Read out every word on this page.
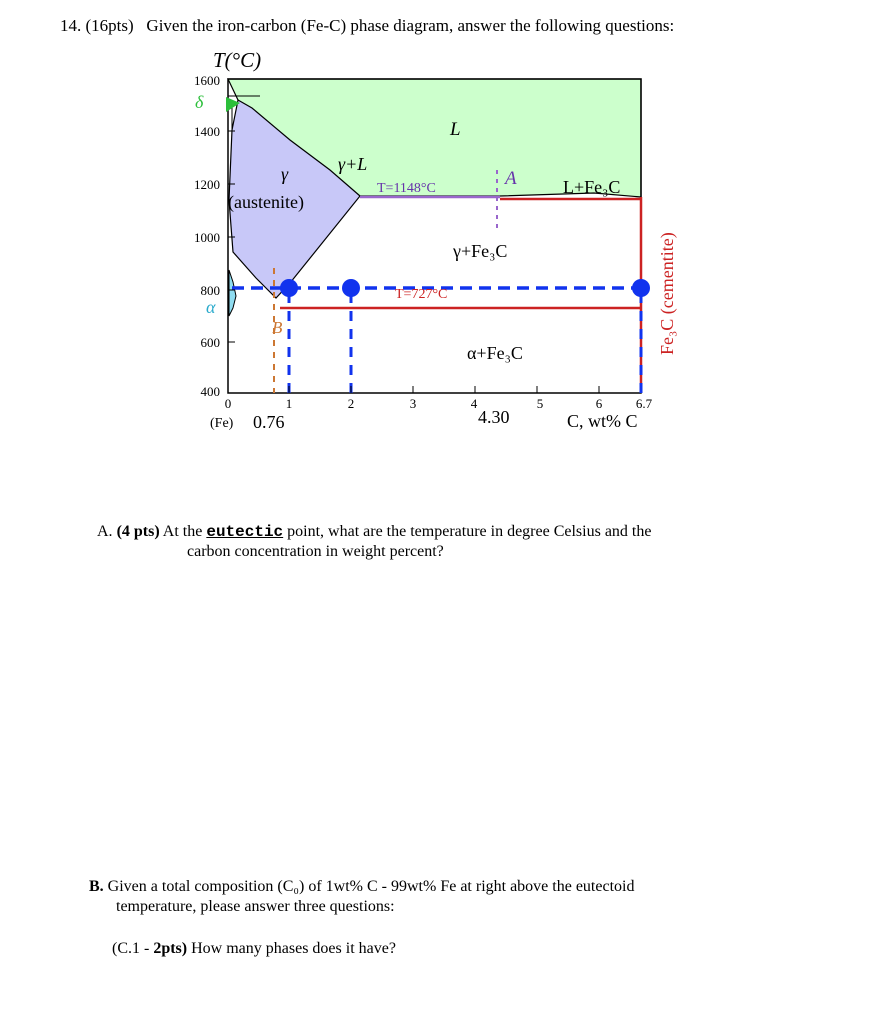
14. (16pts) Given the iron-carbon (Fe-C) phase diagram, answer the following questions:
1600
1400
1200
1000
800
600
400
0	1	2	3	4	5	6	6.7
T(°C)
C, wt% C
(Fe) 0.76	4.30
δ
L
γ
(austenite)
γ+L
L+Fe₃C
γ+Fe₃C
α
α+Fe₃C	Fe₃C (cementite)
T=1148°C
T=727°C
A
B
A. (4 pts) At the eutectic point, what are the temperature in degree Celsius and the
carbon concentration in weight percent?
B. Given a total composition (C₀) of 1wt% C - 99wt% Fe at right above the eutectoid
temperature, please answer three questions:
(C.1 - 2pts) How many phases does it have?
